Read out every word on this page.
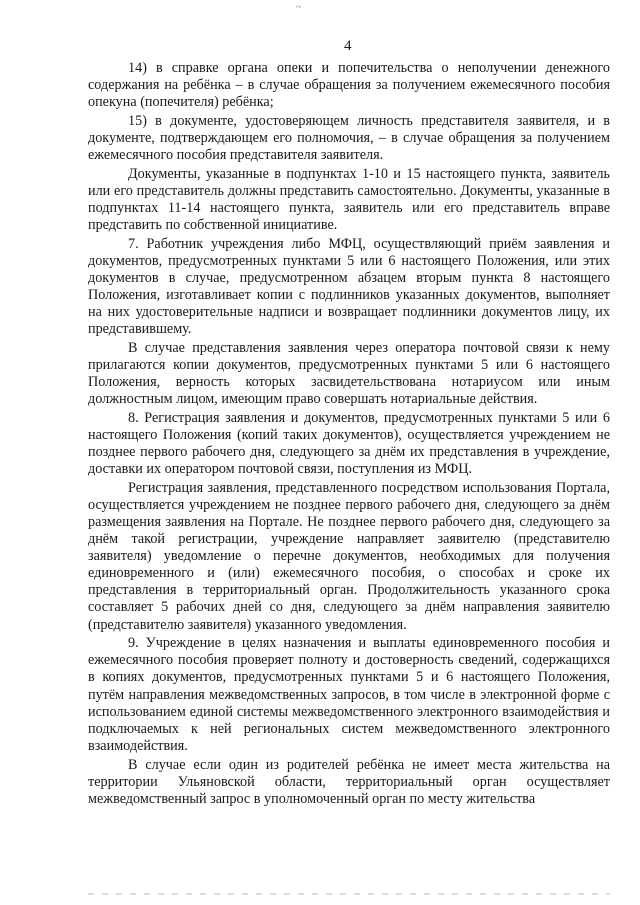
~
4

14) в справке органа опеки и попечительства о неполучении денежного содержания на ребёнка – в случае обращения за получением ежемесячного пособия опекуна (попечителя) ребёнка;

15) в документе, удостоверяющем личность представителя заявителя, и в документе, подтверждающем его полномочия, – в случае обращения за получением ежемесячного пособия представителя заявителя.

Документы, указанные в подпунктах 1-10 и 15 настоящего пункта, заявитель или его представитель должны представить самостоятельно. Документы, указанные в подпунктах 11-14 настоящего пункта, заявитель или его представитель вправе представить по собственной инициативе.

7. Работник учреждения либо МФЦ, осуществляющий приём заявления и документов, предусмотренных пунктами 5 или 6 настоящего Положения, или этих документов в случае, предусмотренном абзацем вторым пункта 8 настоящего Положения, изготавливает копии с подлинников указанных документов, выполняет на них удостоверительные надписи и возвращает подлинники документов лицу, их представившему.

В случае представления заявления через оператора почтовой связи к нему прилагаются копии документов, предусмотренных пунктами 5 или 6 настоящего Положения, верность которых засвидетельствована нотариусом или иным должностным лицом, имеющим право совершать нотариальные действия.

8. Регистрация заявления и документов, предусмотренных пунктами 5 или 6 настоящего Положения (копий таких документов), осуществляется учреждением не позднее первого рабочего дня, следующего за днём их представления в учреждение, доставки их оператором почтовой связи, поступления из МФЦ.

Регистрация заявления, представленного посредством использования Портала, осуществляется учреждением не позднее первого рабочего дня, следующего за днём размещения заявления на Портале. Не позднее первого рабочего дня, следующего за днём такой регистрации, учреждение направляет заявителю (представителю заявителя) уведомление о перечне документов, необходимых для получения единовременного и (или) ежемесячного пособия, о способах и сроке их представления в территориальный орган. Продолжительность указанного срока составляет 5 рабочих дней со дня, следующего за днём направления заявителю (представителю заявителя) указанного уведомления.

9. Учреждение в целях назначения и выплаты единовременного пособия и ежемесячного пособия проверяет полноту и достоверность сведений, содержащихся в копиях документов, предусмотренных пунктами 5 и 6 настоящего Положения, путём направления межведомственных запросов, в том числе в электронной форме с использованием единой системы межведомственного электронного взаимодействия и подключаемых к ней региональных систем межведомственного электронного взаимодействия.

В случае если один из родителей ребёнка не имеет места жительства на территории Ульяновской области, территориальный орган осуществляет межведомственный запрос в уполномоченный орган по месту жительства
